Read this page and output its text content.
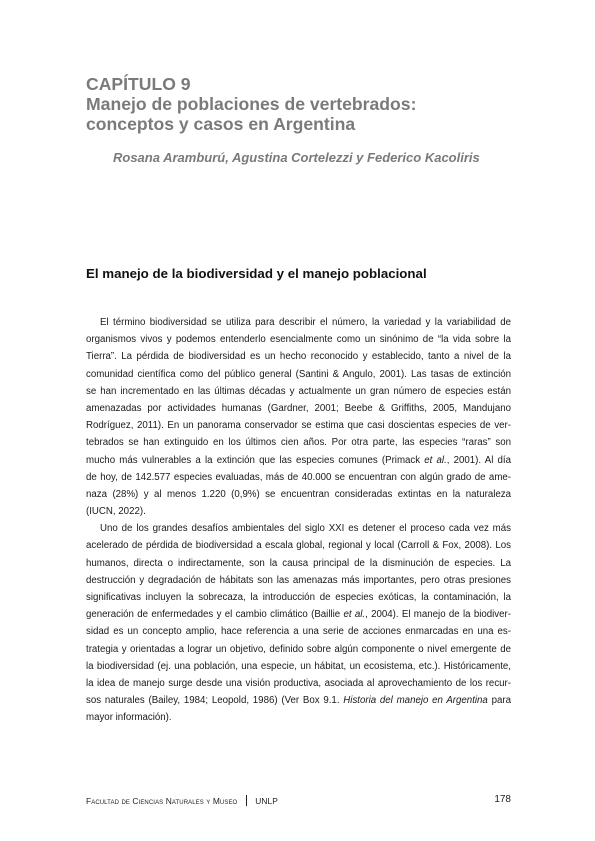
CAPÍTULO 9
Manejo de poblaciones de vertebrados:
conceptos y casos en Argentina
Rosana Aramburú, Agustina Cortelezzi y Federico Kacoliris
El manejo de la biodiversidad y el manejo poblacional
El término biodiversidad se utiliza para describir el número, la variedad y la variabilidad de
organismos vivos y podemos entenderlo esencialmente como un sinónimo de “la vida sobre la
Tierra”. La pérdida de biodiversidad es un hecho reconocido y establecido, tanto a nivel de la
comunidad científica como del público general (Santini & Angulo, 2001). Las tasas de extinción
se han incrementado en las últimas décadas y actualmente un gran número de especies están
amenazadas por actividades humanas (Gardner, 2001; Beebe & Griffiths, 2005, Mandujano
Rodríguez, 2011). En un panorama conservador se estima que casi doscientas especies de ver-
tebrados se han extinguido en los últimos cien años. Por otra parte, las especies “raras” son
mucho más vulnerables a la extinción que las especies comunes (Primack et al., 2001). Al día
de hoy, de 142.577 especies evaluadas, más de 40.000 se encuentran con algún grado de ame-
naza (28%) y al menos 1.220 (0,9%) se encuentran consideradas extintas en la naturaleza
(IUCN, 2022).
Uno de los grandes desafíos ambientales del siglo XXI es detener el proceso cada vez más
acelerado de pérdida de biodiversidad a escala global, regional y local (Carroll & Fox, 2008). Los
humanos, directa o indirectamente, son la causa principal de la disminución de especies. La
destrucción y degradación de hábitats son las amenazas más importantes, pero otras presiones
significativas incluyen la sobrecaza, la introducción de especies exóticas, la contaminación, la
generación de enfermedades y el cambio climático (Baillie et al., 2004). El manejo de la biodiver-
sidad es un concepto amplio, hace referencia a una serie de acciones enmarcadas en una es-
trategia y orientadas a lograr un objetivo, definido sobre algún componente o nivel emergente de
la biodiversidad (ej. una población, una especie, un hábitat, un ecosistema, etc.). Históricamente,
la idea de manejo surge desde una visión productiva, asociada al aprovechamiento de los recur-
sos naturales (Bailey, 1984; Leopold, 1986) (Ver Box 9.1. Historia del manejo en Argentina para
mayor información).
Facultad de Ciencias Naturales y Museo UNLP	178
